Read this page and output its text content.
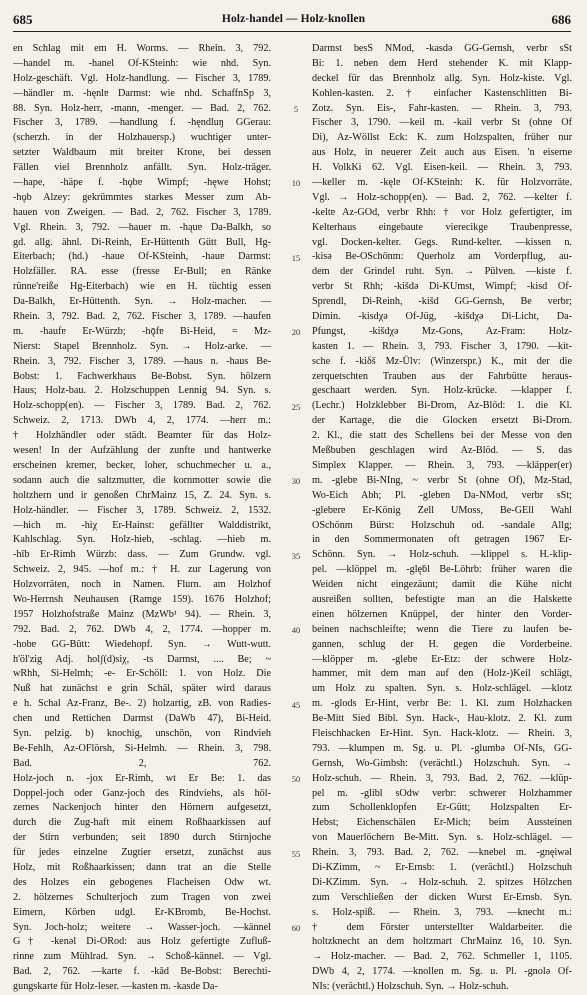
685	Holz-handel — Holz-knollen	686
en Schlag mit em H. Worms. — Rhein. 3, 792.
—handel m. -hanel Of-KSteinh: wie nhd. Syn.
Holz-geschäft. Vgl. Holz-handlung. — Fischer 3, 1789.
—händler m. -hęnlɐ Darmst: wie nhd. SchaffnSp 3,
88. Syn. Holz-herr, -mann, -menger. — Bad. 2, 762.
Fischer 3, 1789. —handlung f. -hęndluŋ GGerau:
(scherzh. in der Holzhauersp.) wuchtiger unter-
setzter Waldbaum mit breiter Krone, bei dessen
Fällen viel Brennholz anfällt. Syn. Holz-träger.
—hape, -häpe f. -hǫbɐ Wimpf; -hęwe Hohst;
-hǫb Alzey: gekrümmtes starkes Messer zum Ab-
hauen von Zweigen. — Bad. 2, 762. Fischer 3, 1789.
Vgl. Rhein. 3, 792. —hauer m. -hąuɐ Da-Balkh, so
gd. allg. ähnl. Di-Reinh, Er-Hüttenth Gütt Bull, Hg-
Eiterbach; (hd.) -haue Of-KSteinh, -hauɐ Darmst:
Holzfäller. RA. esse (fresse Er-Bull; en Ränke
rünne'reiße Hg-Eiterbach) wie en H. tüchtig essen
Da-Balkh, Er-Hüttenth. Syn. → Holz-macher. —
Rhein. 3, 792. Bad. 2, 762. Fischer 3, 1789. —haufen
m. -haufɐ Er-Würzb; -hǭfɐ Bi-Heid, = Mz-
Nierst: Stapel Brennholz. Syn. → Holz-arke. —
Rhein. 3, 792. Fischer 3, 1789. —haus n. -haus Be-
Bobst: 1. Fachwerkhaus Be-Bobst. Syn. hölzern
Haus; Holz-bau. 2. Holzschuppen Lennig 94. Syn. s.
Holz-schopp(en). — Fischer 3, 1789. Bad. 2, 762.
Schweiz. 2, 1713. DWb 4, 2, 1774. —herr m.:
† Holzhändler oder städt. Beamter für das Holz-
wesen! In der Aufzählung der zunfte und hantwerke
erscheinen kremer, becker, loher, schuchmecher u. a.,
sodann auch die saltzmutter, die kornmotter sowie die
holtzhern und ir genoßen ChrMainz 15, Z. 24. Syn. s.
Holz-händler. — Fischer 3, 1789. Schweiz. 2, 1532.
—hich m. -hiχ Er-Hainst: gefällter Walddistrikt,
Kahlschlag. Syn. Holz-hieb, -schlag. —hieb m.
-hīb Er-Rimh Würzb: dass. — Zum Grundw. vgl.
Schweiz. 2, 945. —hof m.: † H. zur Lagerung von
Holzvorräten, noch in Namen. Flurn. am Holzhof
Wo-Herrnsh Neuhausen (Ramge 159). 1676 Holzhof;
1957 Holzhofstraße Mainz (MzWb¹ 94). — Rhein. 3,
792. Bad. 2, 762. DWb 4, 2, 1774. —hopper m.
-hobɐ GG-Bütt: Wiedehopf. Syn. → Wutt-wutt.
h'öl'zig Adj. holʃ(d)siχ, -ts Darmst, .... Be; ~
wRhh, Si-Helmh; -e- Er-Schöll: 1. von Holz. Die
Nuß hat zunächst e grin Schäl, später wird daraus
e h. Schal Az-Franz, Be-. 2) holzartig, zB. von Radies-
chen und Rettichen Darmst (DaWb 47), Bi-Heid.
Syn. pelzig. b) knochig, unschön, von Rindvieh
Be-Fehlh, Az-OFlörsh, Si-Helmh. — Rhein. 3, 798.
Bad. 2, 762.
Holz-joch n. -jox Er-Rimh, wt Er Be: 1. das
Doppel-joch oder Ganz-joch des Rindviehs, als höl-
zernes Nackenjoch hinter den Hörnern aufgesetzt,
durch die Zug-haft mit einem Roßhaarkissen auf
der Stirn verbunden; seit 1890 durch Stirnjoche
für jedes einzelne Zugtier ersetzt, zunächst aus
Holz, mit Roßhaarkissen; dann trat an die Stelle
des Holzes ein gebogenes Flacheisen Odw wt.
2. hölzernes Schulterjoch zum Tragen von zwei
Eimern, Körben udgl. Er-KBromb, Be-Hochst.
Syn. Joch-holz; weitere → Wasser-joch. —kännel
G† -kenəl Di-ORod: aus Holz gefertigte Zufluß-
rinne zum Mühlrad. Syn. → Schoß-kännel. — Vgl.
Bad. 2, 762. —karte f. -kād Be-Bobst: Berechti-
gungskarte für Holz-leser. —kasten m. -kasde Da-
5
10
15
20
25
30
35
40
45
50
55
60
Darmst besS NMod, -kasdə GG-Gernsh, verbr sSt
Bi: 1. neben dem Herd stehender K. mit Klapp-
deckel für das Brennholz allg. Syn. Holz-kiste. Vgl.
Kohlen-kasten. 2. † einfacher Kastenschlitten Bi-
Zotz. Syn. Eis-, Fahr-kasten. — Rhein. 3, 793.
Fischer 3, 1790. —keil m. -kail verbr St (ohne Of
Di), Az-Wöllst Eck: K. zum Holzspalten, früher nur
aus Holz, in neuerer Zeit auch aus Eisen. 'n eiserne
H. VolkKi 62. Vgl. Eisen-keil. — Rhein. 3, 793.
—keller m. -kęlɐ Of-KSteinh: K. für Holzvorräte.
Vgl. → Holz-schopp(en). — Bad. 2, 762. —kelter f.
-keltɐ Az-GOd, verbr Rhh: † vor Holz gefertigter, im
Kelterhaus eingebaute vierecikge Traubenpresse,
vgl. Docken-kelter. Gegs. Rund-kelter. —kissen n.
-kisə Be-OSchönm: Querholz am Vorderpflug, au-
dem der Grindel ruht. Syn. → Pülven. —kiste f.
verbr St Rhh; -kišdə Di-KUmst, Wimpf; -kisd Of-
Sprendl, Di-Reinh, -kišd GG-Gernsh, Be verbr;
Dimin. -kisdχə Of-Jüg, -kišdχə Di-Licht, Da-
Pfungst, -kišdχə Mz-Gons, Az-Fram: Holz-
kasten 1. — Rhein. 3, 793. Fischer 3, 1790. —kit-
sche f. -kiδš Mz-Ülv: (Winzerspr.) K., mit der die
zerquetschten Trauben aus der Fahrbütte heraus-
geschaart werden. Syn. Holz-krücke. —klapper f.
(Lechr.) Holzklebber Bi-Drom, Az-Blöd: 1. die Kl.
der Kartage, die die Glocken ersetzt Bi-Drom.
2. Kl., die statt des Schellens bei der Messe von den
Meßbuben geschlagen wird Az-Blöd. — S. das
Simplex Klapper. — Rhein. 3, 793. —kläpper(er)
m. -glebɐ Bi-NIng, ~ verbr St (ohne Of), Mz-Stad,
Wo-Eich Abh; Pl. -glebɐn Da-NMod, verbr sSt;
-glebɐrɐ Er-König Zell UMoss, Be-GEll Wahl
OSchönm Bürst: Holzschuh od. -sandale Allg;
in den Sommermonaten oft getragen 1967 Er-
Schönn. Syn. → Holz-schuh. —klippel s. H.-klip-
pel. —klöppel m. -glęḃl Be-Löhrb: früher waren die
Weiden nicht eingezäunt; damit die Kühe nicht
ausreißen sollten, befestigte man an die Halskette
einen hölzernen Knüppel, der hinter den Vorder-
beinen nachschleifte; wenn die Tiere zu laufen be-
gannen, schlug der H. gegen die Vorderbeine.
—klöpper m. -glebɐ Er-Etz: der schwere Holz-
hammer, mit dem man auf den (Holz-)Keil schlägt,
um Holz zu spalten. Syn. s. Holz-schlägel. —klotz
m. -glods Er-Hint, verbr Be: 1. Kl. zum Holzhacken
Be-Mitt Sied Bibl. Syn. Hack-, Hau-klotz. 2. Kl. zum
Fleischhacken Er-Hint. Syn. Hack-klotz. — Rhein. 3,
793. —klumpen m. Sg. u. Pl. -glumbə Of-NIs, GG-
Gernsh, Wo-Gimbsh: (verächtl.) Holzschuh. Syn. →
Holz-schuh. — Rhein. 3, 793. Bad. 2, 762. —klüp-
pel m. -glibl sOdw verbr: schwerer Holzhammer
zum Schollenklopfen Er-Gütt; Holzspalten Er-
Hebst; Eichenschälen Er-Mich; beim Aussteinen
von Mauerlöchern Be-Mitt. Syn. s. Holz-schlägel. —
Rhein. 3, 793. Bad. 2, 762. —knebel m. -gnęiwəl
Di-KZimm, ~ Er-Ernsb: 1. (verächtl.) Holzschuh
Di-KZimm. Syn. → Holz-schuh. 2. spitzes Hölzchen
zum Verschließen der dicken Wurst Er-Ernsb. Syn.
s. Holz-spiß. — Rhein. 3, 793. —knecht m.:
† dem Förster unterstellter Waldarbeiter. die
holtzknecht an dem holtzmart ChrMainz 16, 10. Syn.
→ Holz-macher. — Bad. 2, 762. Schmeller 1, 1105.
DWb 4, 2, 1774. —knollen m. Sg. u. Pl. -gnolə Of-
NIs: (verächtl.) Holzschuh. Syn. → Holz-schuh.
